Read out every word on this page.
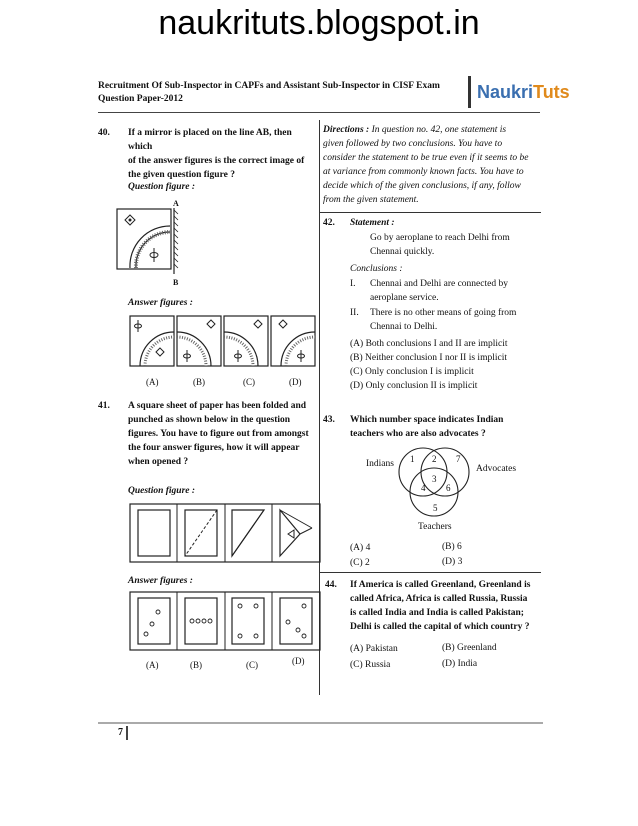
naukrituts.blogspot.in
Recruitment Of Sub-Inspector in CAPFs and Assistant Sub-Inspector in CISF Exam
Question Paper-2012	Naukri Tuts
40. If a mirror is placed on the line AB, then which
of the answer figures is the correct image of
the given question figure ?
Question figure :
A
B
Answer figures :
(A)	(B)	(C)	(D)
41. A square sheet of paper has been folded and
punched as shown below in the question
figures. You have to figure out from amongst
the four answer figures, how it will appear
when opened ?
Question figure :
Answer figures :
(A)	(B)	(C)	(D)
Directions : In question no. 42, one statement is
given followed by two conclusions. You have to
consider the statement to be true even if it seems to be
at variance from commonly known facts. You have to
decide which of the given conclusions, if any, follow
from the given statement.
42. Statement :
Go by aeroplane to reach Delhi from
Chennai quickly.
Conclusions :
I. Chennai and Delhi are connected by
aeroplane service.
II. There is no other means of going from
Chennai to Delhi.
(A) Both conclusions I and II are implicit
(B) Neither conclusion I nor II is implicit
(C) Only conclusion I is implicit
(D) Only conclusion II is implicit
43. Which number space indicates Indian
teachers who are also advocates ?
Indians	Advocates
Teachers
1 2 7
3
4 6
5
(A) 4	(B) 6
(C) 2	(D) 3
44. If America is called Greenland, Greenland is
called Africa, Africa is called Russia, Russia
is called India and India is called Pakistan;
Delhi is called the capital of which country ?
(A) Pakistan	(B) Greenland
(C) Russia	(D) India
7
